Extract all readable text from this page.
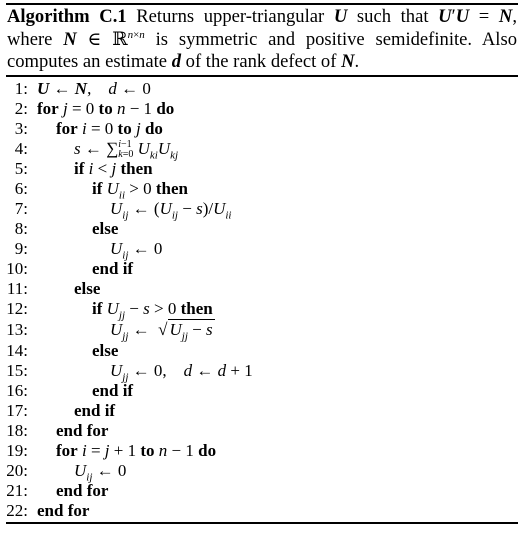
Algorithm C.1 Returns upper-triangular U such that U′U = N,
where N ∈ ℝ$^{n\times n}$ is symmetric and positive semidefinite. Also
computes an estimate d of the rank defect of N.
1: U ← N,    d ← 0
2: for j = 0 to n − 1 do
3: for i = 0 to j do
4:	s ← ∑i−1
k=0 $U_{ki}U_{kj}$
5:	if i < j then
6:	if $U_{ii} > 0$ then
7:	$U_{ij}$ ← $(U_{ij} - s)/U_{ii}$
8:	else
9:	$U_{ij}$ ← 0
10:	end if
11:	else
12:	if $U_{jj} - s > 0$ then
13:	$U_{jj}$ ←  √ $U_{jj} - s$
14:	else
15:	$U_{jj}$ ← 0,    d ← d + 1
16:	end if
17:	end if
18: end for
19: for i = j + 1 to n − 1 do
20:	$U_{ij}$ ← 0
21: end for
22: end for
